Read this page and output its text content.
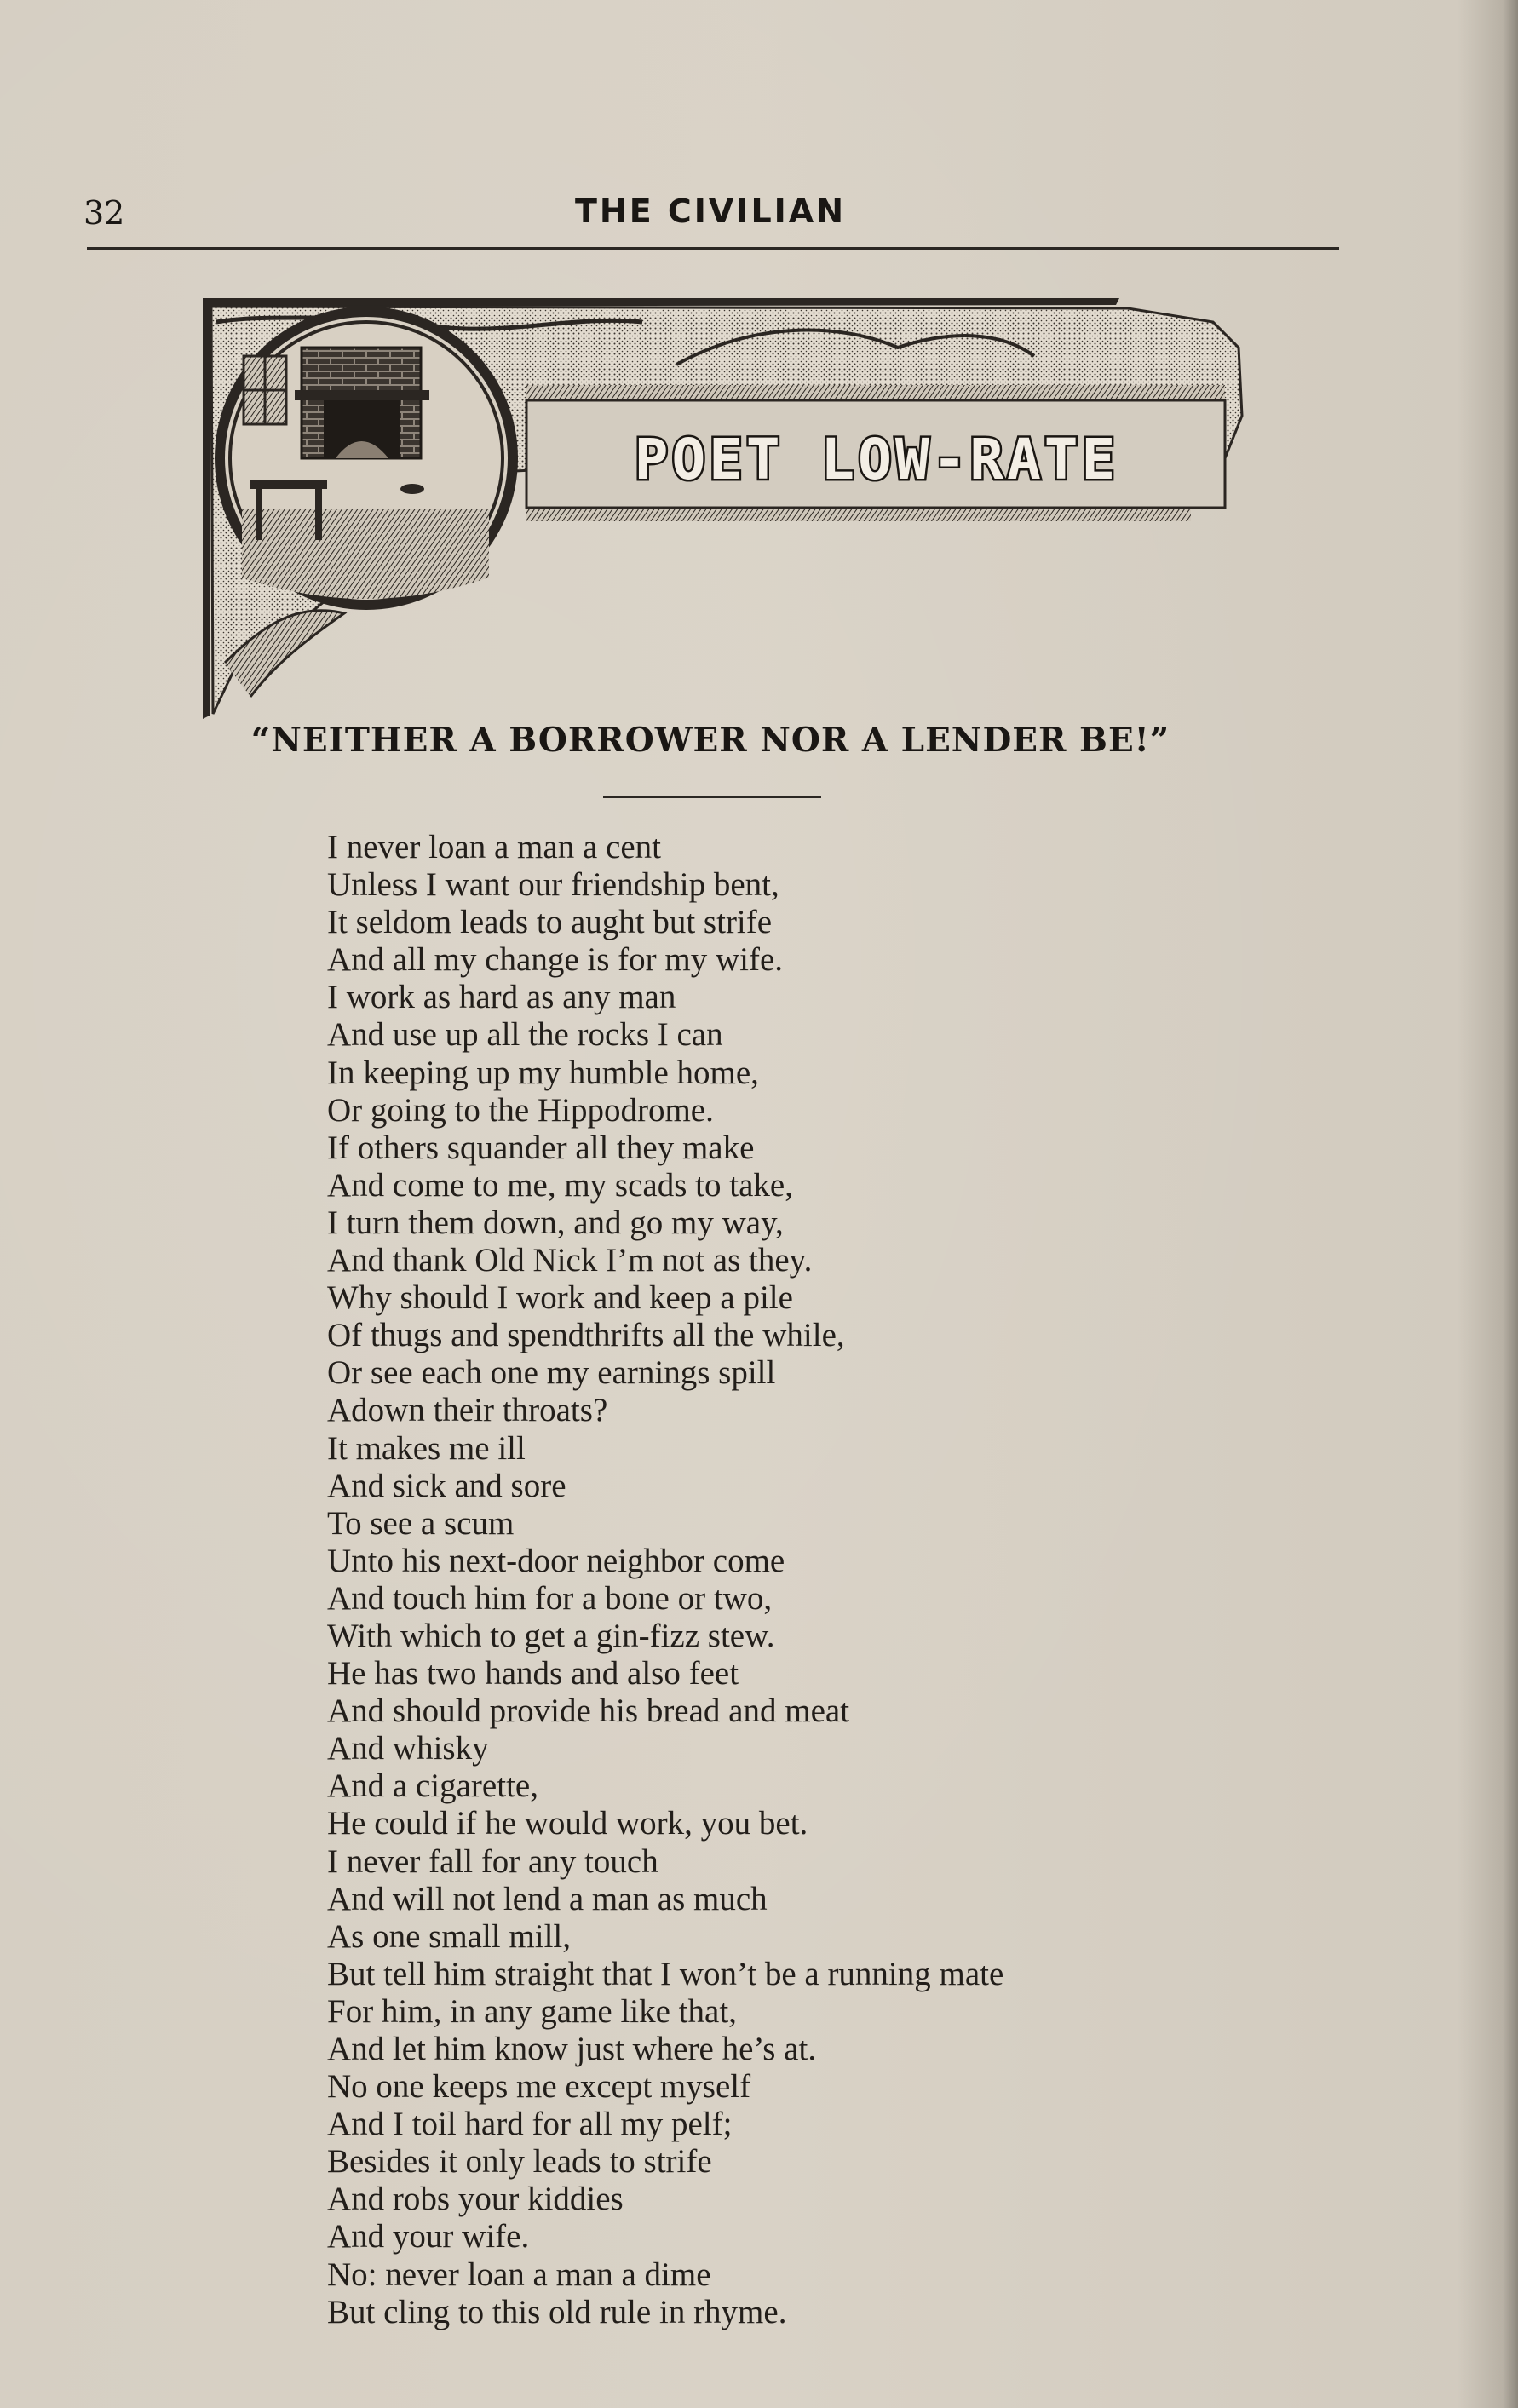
32	THE CIVILIAN
POET LOW-RATE
“NEITHER A BORROWER NOR A LENDER BE!”
I never loan a man a cent
Unless I want our friendship bent,
It seldom leads to aught but strife
And all my change is for my wife.
I work as hard as any man
And use up all the rocks I can
In keeping up my humble home,
Or going to the Hippodrome.
If others squander all they make
And come to me, my scads to take,
I turn them down, and go my way,
And thank Old Nick I’m not as they.
Why should I work and keep a pile
Of thugs and spendthrifts all the while,
Or see each one my earnings spill
Adown their throats?
It makes me ill
And sick and sore
To see a scum
Unto his next-door neighbor come
And touch him for a bone or two,
With which to get a gin-fizz stew.
He has two hands and also feet
And should provide his bread and meat
And whisky
And a cigarette,
He could if he would work, you bet.
I never fall for any touch
And will not lend a man as much
As one small mill,
But tell him straight that I won’t be a running mate
For him, in any game like that,
And let him know just where he’s at.
No one keeps me except myself
And I toil hard for all my pelf;
Besides it only leads to strife
And robs your kiddies
And your wife.
No: never loan a man a dime
But cling to this old rule in rhyme.
